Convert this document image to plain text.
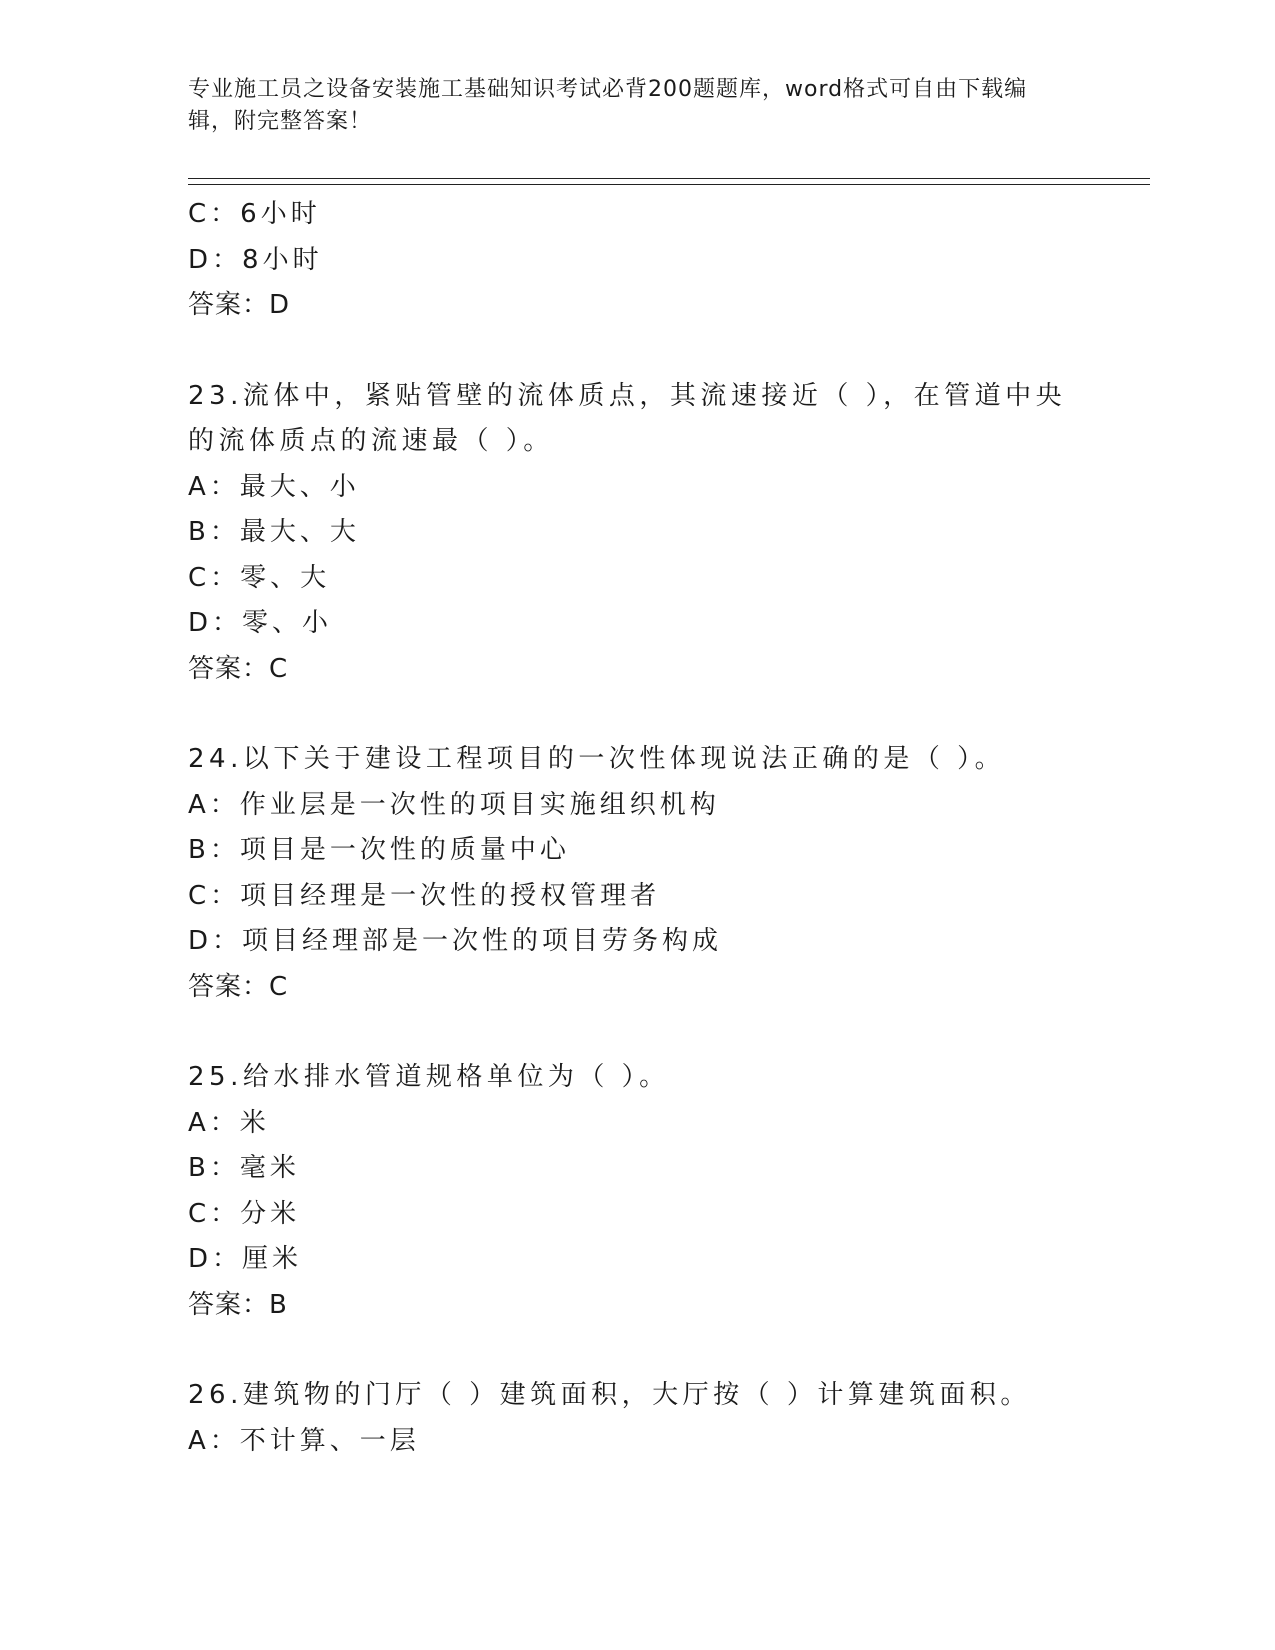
专业施工员之设备安装施工基础知识考试必背200题题库，word格式可自由下载编辑，附完整答案！
C：6小时
D：8小时
答案：D
23.流体中，紧贴管壁的流体质点，其流速接近（ ），在管道中央的流体质点的流速最（ ）。
A：最大、小
B：最大、大
C：零、大
D：零、小
答案：C
24.以下关于建设工程项目的一次性体现说法正确的是（ ）。
A：作业层是一次性的项目实施组织机构
B：项目是一次性的质量中心
C：项目经理是一次性的授权管理者
D：项目经理部是一次性的项目劳务构成
答案：C
25.给水排水管道规格单位为（ ）。
A：米
B：毫米
C：分米
D：厘米
答案：B
26.建筑物的门厅（ ）建筑面积，大厅按（ ）计算建筑面积。
A：不计算、一层
